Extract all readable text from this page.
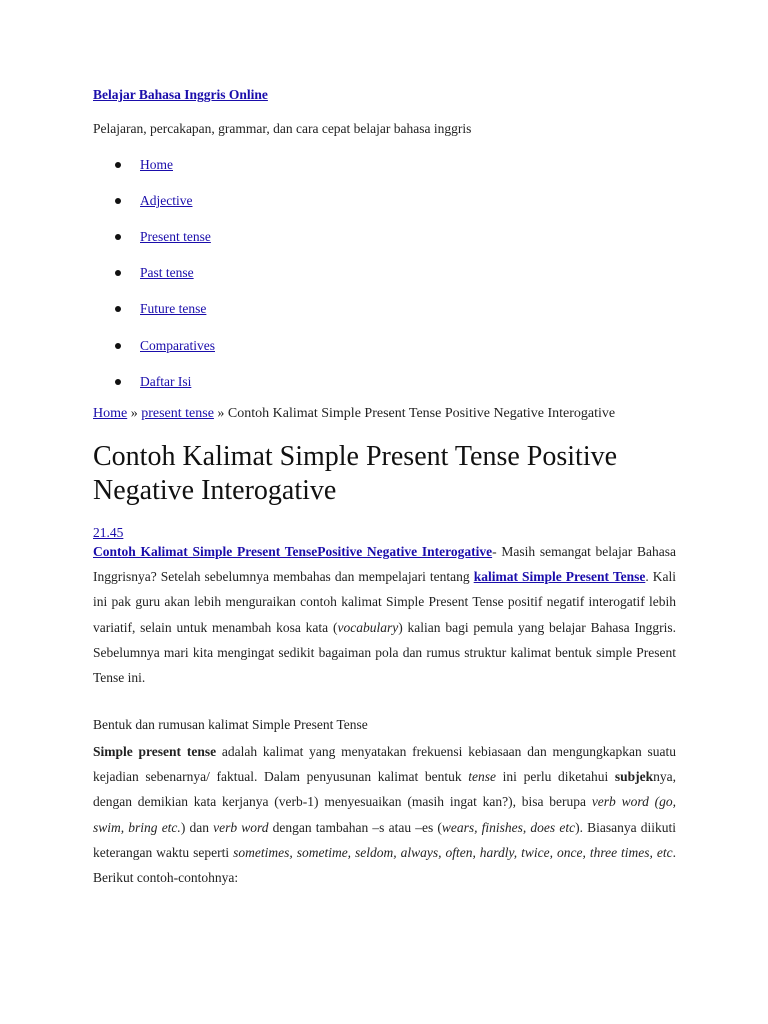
Belajar Bahasa Inggris Online
Pelajaran, percakapan, grammar, dan cara cepat belajar bahasa inggris
Home
Adjective
Present tense
Past tense
Future tense
Comparatives
Daftar Isi
Home » present tense » Contoh Kalimat Simple Present Tense Positive Negative Interogative
Contoh Kalimat Simple Present Tense Positive Negative Interogative
21.45

Contoh Kalimat Simple Present TensePositive Negative Interogative- Masih semangat belajar Bahasa Inggrisnya? Setelah sebelumnya membahas dan mempelajari tentang kalimat Simple Present Tense. Kali ini pak guru akan lebih menguraikan contoh kalimat Simple Present Tense positif negatif interogatif lebih variatif, selain untuk menambah kosa kata (vocabulary) kalian bagi pemula yang belajar Bahasa Inggris. Sebelumnya mari kita mengingat sedikit bagaiman pola dan rumus struktur kalimat bentuk simple Present Tense ini.

Bentuk dan rumusan kalimat Simple Present Tense

Simple present tense adalah kalimat yang menyatakan frekuensi kebiasaan dan mengungkapkan suatu kejadian sebenarnya/ faktual. Dalam penyusunan kalimat bentuk tense ini perlu diketahui subjeknya, dengan demikian kata kerjanya (verb-1) menyesuaikan (masih ingat kan?), bisa berupa verb word (go, swim, bring etc.) dan verb word dengan tambahan –s atau –es (wears, finishes, does etc). Biasanya diikuti keterangan waktu seperti sometimes, sometime, seldom, always, often, hardly, twice, once, three times, etc. Berikut contoh-contohnya:
